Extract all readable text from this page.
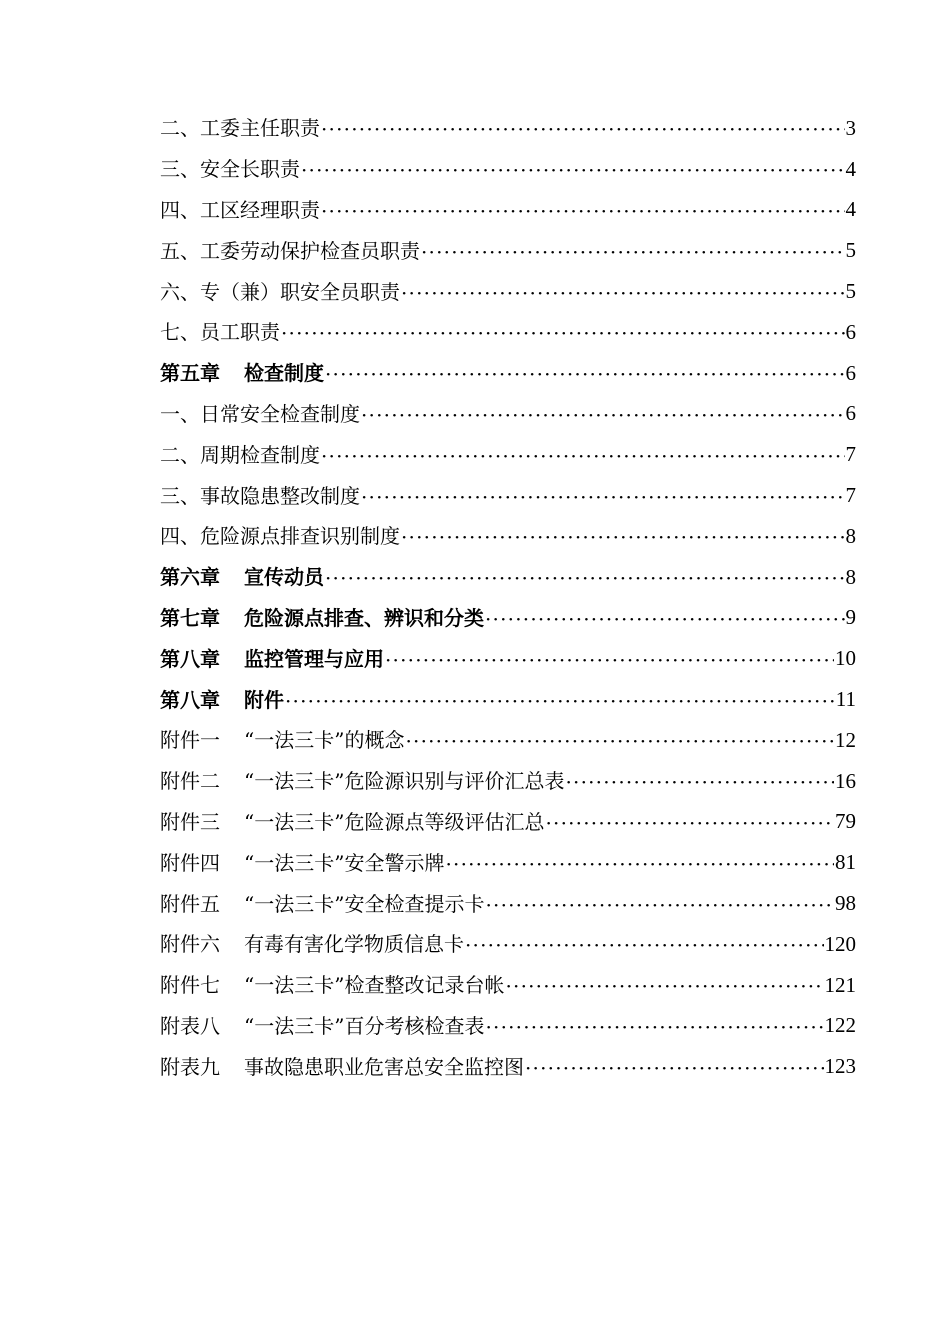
二、工委主任职责 ·····	3
三、安全长职责 ·····	4
四、工区经理职责 ·····	4
五、工委劳动保护检查员职责 ·····	5
六、专（兼）职安全员职责 ·····	5
七、员工职责 ·····	6
第五章 检查制度 ·····	6
一、日常安全检查制度 ·····	6
二、周期检查制度 ·····	7
三、事故隐患整改制度 ·····	7
四、危险源点排查识别制度 ·····	8
第六章 宣传动员 ·····	8
第七章 危险源点排查、辨识和分类 ·····	9
第八章 监控管理与应用 ·····	10
第八章 附件 ·····	11
附件一 “一法三卡”的概念 ·····	12
附件二 “一法三卡”危险源识别与评价汇总表 ·····	16
附件三 “一法三卡”危险源点等级评估汇总 ·····	79
附件四 “一法三卡”安全警示牌 ·····	81
附件五 “一法三卡”安全检查提示卡 ·····	98
附件六 有毒有害化学物质信息卡 ·····	120
附件七 “一法三卡”检查整改记录台帐 ·····	121
附表八 “一法三卡”百分考核检查表 ·····	122
附表九 事故隐患职业危害总安全监控图 ·····	123
